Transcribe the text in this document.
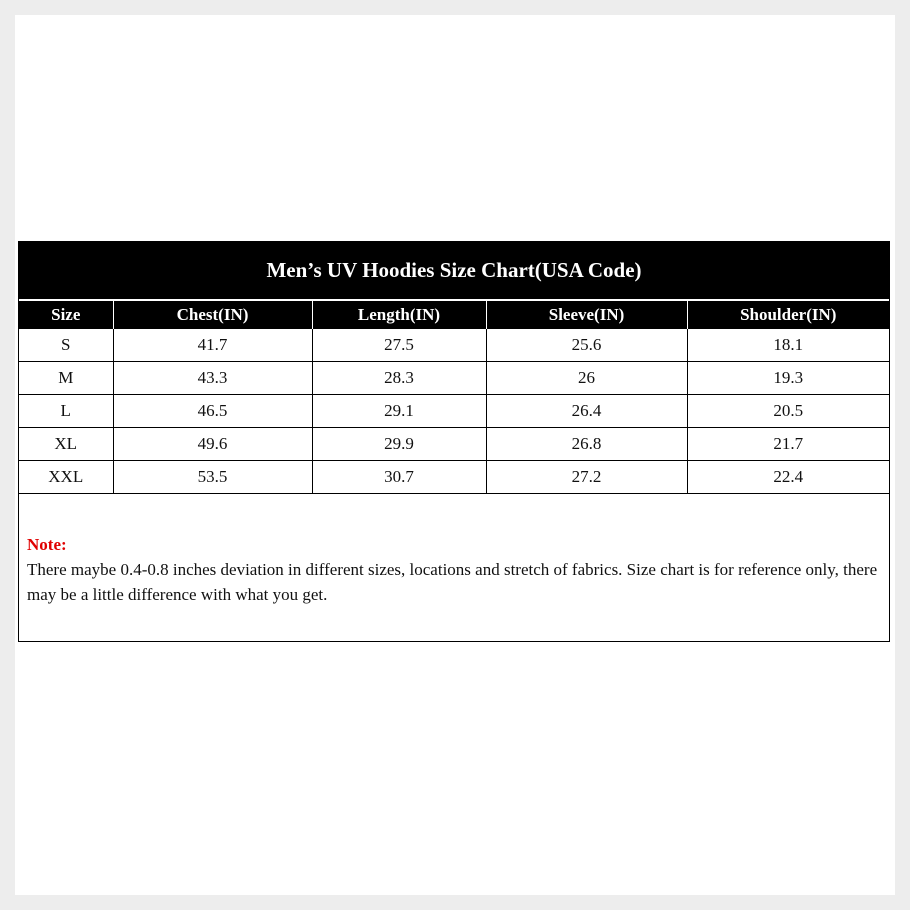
Men’s UV Hoodies Size Chart(USA Code)
Size	Chest(IN)	Length(IN)	Sleeve(IN)	Shoulder(IN)
S	41.7	27.5	25.6	18.1
M	43.3	28.3	26	19.3
L	46.5	29.1	26.4	20.5
XL	49.6	29.9	26.8	21.7
XXL	53.5	30.7	27.2	22.4
Note:
There maybe 0.4-0.8 inches deviation in different sizes, locations and stretch of fabrics. Size chart is for reference only, there may be a little difference with what you get.
